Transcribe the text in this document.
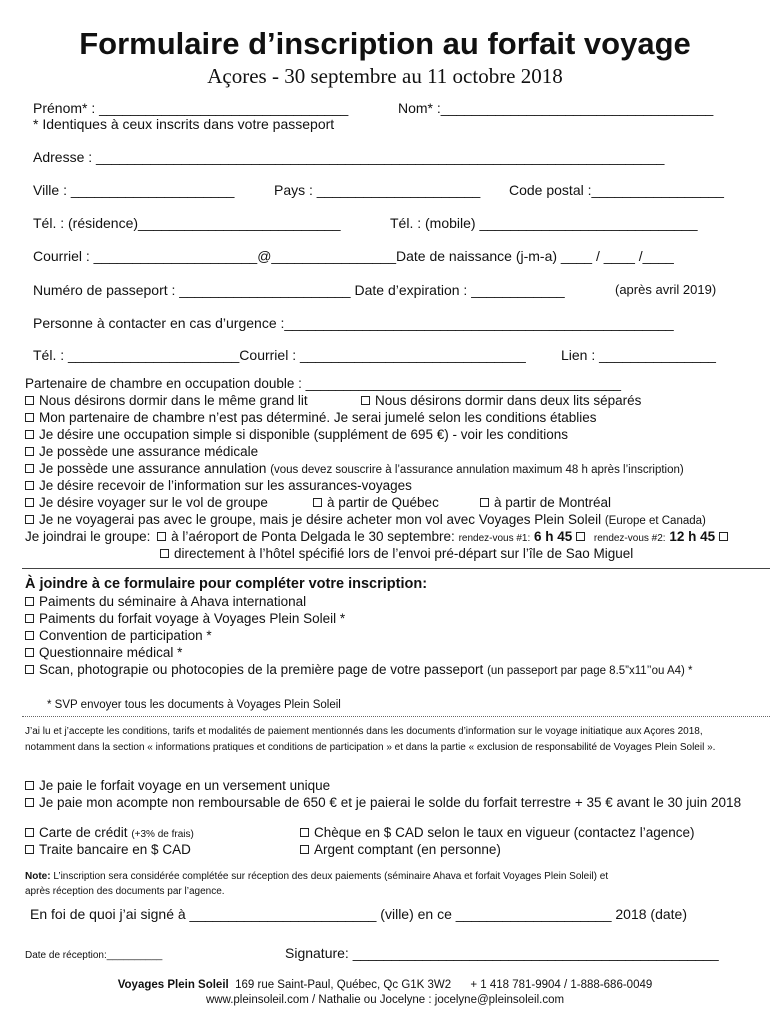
Formulaire d’inscription au forfait voyage
Açores - 30 septembre au 11 octobre 2018
Prénom* : ________________________________	Nom* :___________________________________
* Identiques à ceux inscrits dans votre passeport
Adresse : _________________________________________________________________________
Ville : _____________________	Pays : _____________________ Code postal :_________________
Tél. : (résidence)__________________________	Tél. : (mobile) ____________________________
Courriel : _____________________@________________Date de naissance (j-m-a) ____ / ____ /____
Numéro de passeport : ______________________ Date d’expiration : ____________	(après avril 2019)
Personne à contacter en cas d’urgence :__________________________________________________
Tél. : ______________________Courriel : _____________________________	Lien : _______________
Partenaire de chambre en occupation double : __________________________________________
Nous désirons dormir dans le même grand lit	Nous désirons dormir dans deux lits séparés
Mon partenaire de chambre n’est pas déterminé. Je serai jumelé selon les conditions établies
Je désire une occupation simple si disponible (supplément de 695 €) - voir les conditions
Je possède une assurance médicale
Je possède une assurance annulation (vous devez souscrire à l’assurance annulation maximum 48 h après l’inscription)
Je désire recevoir de l’information sur les assurances-voyages
Je désire voyager sur le vol de groupe	à partir de Québec	à partir de Montréal
Je ne voyagerai pas avec le groupe, mais je désire acheter mon vol avec Voyages Plein Soleil (Europe et Canada)
Je joindrai le groupe: à l’aéroport de Ponta Delgada le 30 septembre: rendez-vous #1: 6 h 45 rendez-vous #2: 12 h 45
directement à l’hôtel spécifié lors de l’envoi pré-départ sur l’île de Sao Miguel
À joindre à ce formulaire pour compléter votre inscription:
Paiments du séminaire à Ahava international
Paiments du forfait voyage à Voyages Plein Soleil *
Convention de participation *
Questionnaire médical *
Scan, photograpie ou photocopies de la première page de votre passeport (un passeport par page 8.5”x11’’ou A4) *
* SVP envoyer tous les documents à Voyages Plein Soleil
J’ai lu et j’accepte les conditions, tarifs et modalités de paiement mentionnés dans les documents d’information sur le voyage initiatique aux Açores 2018,
notamment dans la section « informations pratiques et conditions de participation » et dans la partie « exclusion de responsabilité de Voyages Plein Soleil ».
Je paie le forfait voyage en un versement unique
Je paie mon acompte non remboursable de 650 € et je paierai le solde du forfait terrestre + 35 € avant le 30 juin 2018
Carte de crédit (+3% de frais)	Chèque en $ CAD selon le taux en vigueur (contactez l’agence)
Traite bancaire en $ CAD	Argent comptant (en personne)
Note: L’inscription sera considérée complétée sur réception des deux paiements (séminaire Ahava et forfait Voyages Plein Soleil) et
après réception des documents par l’agence.
En foi de quoi j’ai signé à ________________________ (ville) en ce ____________________ 2018 (date)
Date de réception:__________	Signature: _______________________________________________
Voyages Plein Soleil 169 rue Saint-Paul, Québec, Qc G1K 3W2 + 1 418 781-9904 / 1-888-686-0049
www.pleinsoleil.com / Nathalie ou Jocelyne : jocelyne@pleinsoleil.com
